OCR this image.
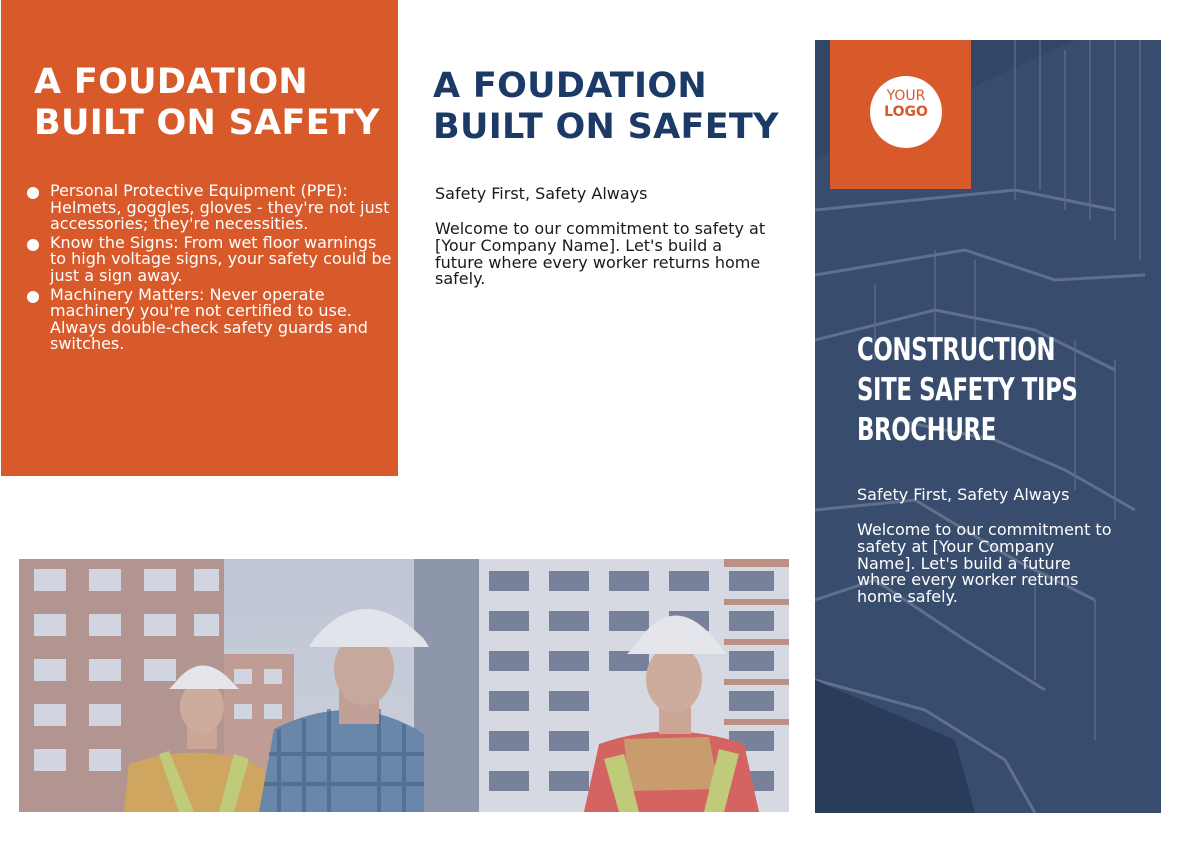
A FOUDATION BUILT ON SAFETY
Personal Protective Equipment (PPE): Helmets, goggles, gloves - they're not just accessories; they're necessities.
Know the Signs: From wet floor warnings to high voltage signs, your safety could be just a sign away.
Machinery Matters: Never operate machinery you're not certified to use. Always double-check safety guards and switches.
A FOUDATION BUILT ON SAFETY
Safety First, Safety Always
Welcome to our commitment to safety at [Your Company Name]. Let's build a future where every worker returns home safely.
YOUR
LOGO
CONSTRUCTION SITE SAFETY TIPS BROCHURE
Safety First, Safety Always
Welcome to our commitment to safety at [Your Company Name]. Let's build a future where every worker returns home safely.
